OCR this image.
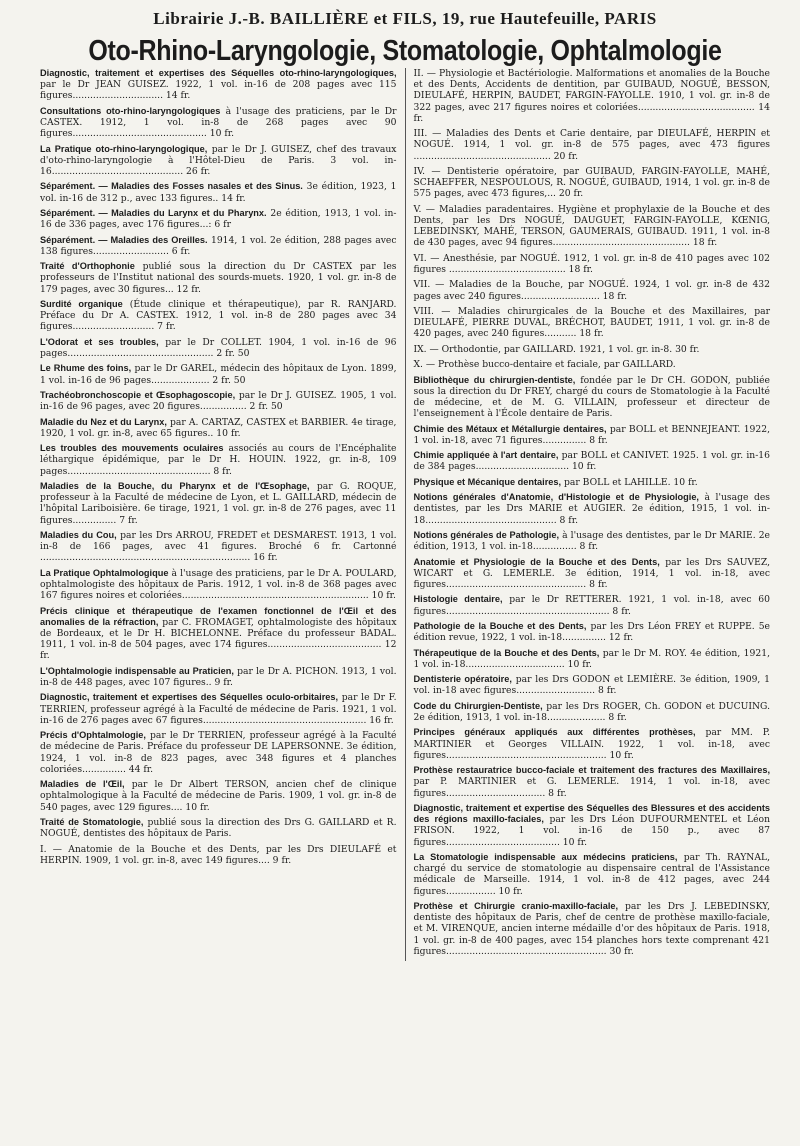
Librairie J.-B. BAILLIÈRE et FILS, 19, rue Hautefeuille, PARIS
Oto-Rhino-Laryngologie, Stomatologie, Ophtalmologie

Diagnostic, traitement et expertises des Séquelles oto-rhino-laryngologiques, par le Dr JEAN GUISEZ. 1922, 1 vol. in-16 de 208 pages avec 115 figures............................... 14 fr.

Consultations oto-rhino-laryngologiques à l'usage des praticiens, par le Dr CASTEX. 1912, 1 vol. in-8 de 268 pages avec 90 figures.............................................. 10 fr.

La Pratique oto-rhino-laryngologique, par le Dr J. GUISEZ, chef des travaux d'oto-rhino-laryngologie à l'Hôtel-Dieu de Paris. 3 vol. in-16............................................. 26 fr.

Séparément. — Maladies des Fosses nasales et des Sinus. 3e édition, 1923, 1 vol. in-16 de 312 p., avec 133 figures.. 14 fr.

Séparément. — Maladies du Larynx et du Pharynx. 2e édition, 1913, 1 vol. in-16 de 336 pages, avec 176 figures...: 6 fr

Séparément. — Maladies des Oreilles. 1914, 1 vol. 2e édition, 288 pages avec 138 figures.......................... 6 fr.

Traité d'Orthophonie publié sous la direction du Dr CASTEX par les professeurs de l'Institut national des sourds-muets. 1920, 1 vol. gr. in-8 de 179 pages, avec 30 figures... 12 fr.

Surdité organique (Étude clinique et thérapeutique), par R. RANJARD. Préface du Dr A. CASTEX. 1912, 1 vol. in-8 de 280 pages avec 34 figures............................ 7 fr.

L'Odorat et ses troubles, par le Dr COLLET. 1904, 1 vol. in-16 de 96 pages.................................................. 2 fr. 50

Le Rhume des foins, par le Dr GAREL, médecin des hôpitaux de Lyon. 1899, 1 vol. in-16 de 96 pages.................... 2 fr. 50

Trachéobronchoscopie et Œsophagoscopie, par le Dr J. GUISEZ. 1905, 1 vol. in-16 de 96 pages, avec 20 figures................ 2 fr. 50

Maladie du Nez et du Larynx, par A. CARTAZ, CASTEX et BARBIER. 4e tirage, 1920, 1 vol. gr. in-8, avec 65 figures.. 10 fr.

Les troubles des mouvements oculaires associés au cours de l'Encéphalite léthargique épidémique, par le Dr H. HOUIN. 1922, gr. in-8, 109 pages................................................. 8 fr.

Maladies de la Bouche, du Pharynx et de l'Œsophage, par G. ROQUE, professeur à la Faculté de médecine de Lyon, et L. GAILLARD, médecin de l'hôpital Lariboisière. 6e tirage, 1921, 1 vol. gr. in-8 de 276 pages, avec 11 figures............... 7 fr.

Maladies du Cou, par les Drs ARROU, FREDET et DESMAREST. 1913, 1 vol. in-8 de 166 pages, avec 41 figures. Broché 6 fr. Cartonné ........................................................................ 16 fr.

La Pratique Ophtalmologique à l'usage des praticiens, par le Dr A. POULARD, ophtalmologiste des hôpitaux de Paris. 1912, 1 vol. in-8 de 368 pages avec 167 figures noires et coloriées................................................................ 10 fr.

Précis clinique et thérapeutique de l'examen fonctionnel de l'Œil et des anomalies de la réfraction, par C. FROMAGET, ophtalmologiste des hôpitaux de Bordeaux, et le Dr H. BICHELONNE. Préface du professeur BADAL. 1911, 1 vol. in-8 de 504 pages, avec 174 figures....................................... 12 fr.

L'Ophtalmologie indispensable au Praticien, par le Dr A. PICHON. 1913, 1 vol. in-8 de 448 pages, avec 107 figures.. 9 fr.

Diagnostic, traitement et expertises des Séquelles oculo-orbitaires, par le Dr F. TERRIEN, professeur agrégé à la Faculté de médecine de Paris. 1921, 1 vol. in-16 de 276 pages avec 67 figures........................................................ 16 fr.

Précis d'Ophtalmologie, par le Dr TERRIEN, professeur agrégé à la Faculté de médecine de Paris. Préface du professeur DE LAPERSONNE. 3e édition, 1924, 1 vol. in-8 de 823 pages, avec 348 figures et 4 planches coloriées............... 44 fr.

Maladies de l'Œil, par le Dr Albert TERSON, ancien chef de clinique ophtalmologique à la Faculté de médecine de Paris. 1909, 1 vol. gr. in-8 de 540 pages, avec 129 figures.... 10 fr.

Traité de Stomatologie, publié sous la direction des Drs G. GAILLARD et R. NOGUÉ, dentistes des hôpitaux de Paris.

I. — Anatomie de la Bouche et des Dents, par les Drs DIEULAFÉ et HERPIN. 1909, 1 vol. gr. in-8, avec 149 figures.... 9 fr.

II. — Physiologie et Bactériologie. Malformations et anomalies de la Bouche et des Dents, Accidents de dentition, par GUIBAUD, NOGUÉ, BESSON, DIEULAFÉ, HERPIN, BAUDET, FARGIN-FAYOLLE. 1910, 1 vol. gr. in-8 de 322 pages, avec 217 figures noires et coloriées........................................ 14 fr.

III. — Maladies des Dents et Carie dentaire, par DIEULAFÉ, HERPIN et NOGUÉ. 1914, 1 vol. gr. in-8 de 575 pages, avec 473 figures ............................................... 20 fr.

IV. — Dentisterie opératoire, par GUIBAUD, FARGIN-FAYOLLE, MAHÉ, SCHAEFFER, NESPOULOUS, R. NOGUÉ, GUIBAUD, 1914, 1 vol. gr. in-8 de 575 pages, avec 473 figures,... 20 fr.

V. — Maladies paradentaires. Hygiène et prophylaxie de la Bouche et des Dents, par les Drs NOGUÉ, DAUGUET, FARGIN-FAYOLLE, KŒNIG, LEBEDINSKY, MAHÉ, TERSON, GAUMERAIS, GUIBAUD. 1911, 1 vol. in-8 de 430 pages, avec 94 figures............................................... 18 fr.

VI. — Anesthésie, par NOGUÉ. 1912, 1 vol. gr. in-8 de 410 pages avec 102 figures ........................................ 18 fr.

VII. — Maladies de la Bouche, par NOGUÉ. 1924, 1 vol. gr. in-8 de 432 pages avec 240 figures........................... 18 fr.

VIII. — Maladies chirurgicales de la Bouche et des Maxillaires, par DIEULAFÉ, PIERRE DUVAL, BRÉCHOT, BAUDET, 1911, 1 vol. gr. in-8 de 420 pages, avec 240 figures........... 18 fr.

IX. — Orthodontie, par GAILLARD. 1921, 1 vol. gr. in-8. 30 fr.

X. — Prothèse bucco-dentaire et faciale, par GAILLARD.

Bibliothèque du chirurgien-dentiste, fondée par le Dr CH. GODON, publiée sous la direction du Dr FREY, chargé du cours de Stomatologie à la Faculté de médecine, et de M. G. VILLAIN, professeur et directeur de l'enseignement à l'École dentaire de Paris.

Chimie des Métaux et Métallurgie dentaires, par BOLL et BENNEJEANT. 1922, 1 vol. in-18, avec 71 figures............... 8 fr.

Chimie appliquée à l'art dentaire, par BOLL et CANIVET. 1925. 1 vol. gr. in-16 de 384 pages................................ 10 fr.

Physique et Mécanique dentaires, par BOLL et LAHILLE. 10 fr.

Notions générales d'Anatomie, d'Histologie et de Physiologie, à l'usage des dentistes, par les Drs MARIE et AUGIER. 2e édition, 1915, 1 vol. in-18............................................. 8 fr.

Notions générales de Pathologie, à l'usage des dentistes, par le Dr MARIE. 2e édition, 1913, 1 vol. in-18............... 8 fr.

Anatomie et Physiologie de la Bouche et des Dents, par les Drs SAUVEZ, WICART et G. LEMERLE. 3e édition, 1914, 1 vol. in-18, avec figures................................................ 8 fr.

Histologie dentaire, par le Dr RETTERER. 1921, 1 vol. in-18, avec 60 figures........................................................ 8 fr.

Pathologie de la Bouche et des Dents, par les Drs Léon FREY et RUPPE. 5e édition revue, 1922, 1 vol. in-18............... 12 fr.

Thérapeutique de la Bouche et des Dents, par le Dr M. ROY. 4e édition, 1921, 1 vol. in-18.................................. 10 fr.

Dentisterie opératoire, par les Drs GODON et LEMIÈRE. 3e édition, 1909, 1 vol. in-18 avec figures........................... 8 fr.

Code du Chirurgien-Dentiste, par les Drs ROGER, Ch. GODON et DUCUING. 2e édition, 1913, 1 vol. in-18.................... 8 fr.

Principes généraux appliqués aux différentes prothèses, par MM. P. MARTINIER et Georges VILLAIN. 1922, 1 vol. in-18, avec figures....................................................... 10 fr.

Prothèse restauratrice bucco-faciale et traitement des fractures des Maxillaires, par P. MARTINIER et G. LEMERLE. 1914, 1 vol. in-18, avec figures.................................. 8 fr.

Diagnostic, traitement et expertise des Séquelles des Blessures et des accidents des régions maxillo-faciales, par les Drs Léon DUFOURMENTEL et Léon FRISON. 1922, 1 vol. in-16 de 150 p., avec 87 figures....................................... 10 fr.

La Stomatologie indispensable aux médecins praticiens, par Th. RAYNAL, chargé du service de stomatologie au dispensaire central de l'Assistance médicale de Marseille. 1914, 1 vol. in-8 de 412 pages, avec 244 figures................. 10 fr.

Prothèse et Chirurgie cranio-maxillo-faciale, par les Drs J. LEBEDINSKY, dentiste des hôpitaux de Paris, chef de centre de prothèse maxillo-faciale, et M. VIRENQUE, ancien interne médaille d'or des hôpitaux de Paris. 1918, 1 vol. gr. in-8 de 400 pages, avec 154 planches hors texte comprenant 421 figures....................................................... 30 fr.
